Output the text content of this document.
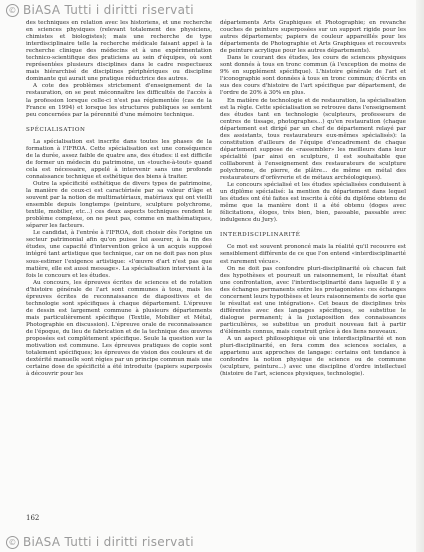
© BiASA Tutti i diritti riservati

des techniques en relation avec les historiens, et une recherche en sciences physiques (relevant totalement des physiciens, chimistes et biologistes); mais une recherche de type interdisciplinaire telle la recherche médicale faisant appel à la recherche clinique des médecins et à une expérimentation technico-scientifique des praticiens au sein d'équipes, où sont représentées plusieurs disciplines dans le cadre respectueux mais hiérarchisé de disciplines périphériques ou discipline dominante qui aurait une pratique réductrice des autres.

A cote des problèmes strictement d'enseignement de la restauration, on se peut méconnaître les difficultés de l'accès à la profession lorsque celle-ci n'est pas réglementée (cas de la France en 1994) et lorsque les structures publiques se sentent peu concernées par la pérennité d'une mémoire technique.

SPÉCIALISATION

La spécialisation est inscrite dans toutes les phases de la formation à l'IFROA. Cette spécialisation est une conséquence de la durée, assez faible de quatre ans, des études: il est difficile de former un médecin du patrimoine, un «touche-à-tout» quand cela est nécessaire, appelé à intervenir sans une profonde connaissance technique et esthétique des biens à traiter.

Outre la spécificité esthétique de divers types de patrimoine, la manière de ceux-ci est caractérisée par sa valeur d'âge et souvent par la notion de multimatériaux, matériaux qui ont vieilli ensemble depuis longtemps (peinture, sculpture polychrome, textile, mobilier, etc...) ces deux aspects techniques rendent le problème complexe, on ne peut pas, comme en mathématiques, séparer les facteurs.

Le candidat, à l'entrée à l'IFROA, doit choisir dès l'origine un secteur patrimonial afin qu'on puisse lui assurer, à la fin des études, une capacité d'intervention grâce à un acquis supposé intégré tant artistique que technique, car on ne doit pas non plus sous-estimer l'exigence artistique: «l'œuvre d'art n'est pas que matière, elle est aussi message». La spécialisation intervient à la fois le concours et les études.

Au concours, les épreuves écrites de sciences et de rotation d'histoire générale de l'art sont communes à tous, mais les épreuves écrites de reconnaissance de diapositives et de technologie sont spécifiques à chaque département. L'épreuve de dessin est largement commune à plusieurs départements mais particulièrement spécifique (Textile, Mobilier et Métal, Photographie en discussion). L'épreuve orale de reconnaissance de l'époque, du lieu de fabrication et de la technique des œuvres proposées est complètement spécifique. Seule la question sur la motivation est commune. Les épreuves pratiques de copie sont totalement spécifiques; les épreuves de vision des couleurs et de dextérité manuelle sont régies par un principe commun mais une certaine dose de spécificité a été introduite (papiers superposés à découvrir pour les

départements Arts Graphiques et Photographie; en revanche couches de peinture superposées sur un support rigide pour les autres départements; papiers de couleur appareillés pour les départements de Photographie et Arts Graphiques et recouvrets de peinture acrylique pour les autres départements).

Dans le courant des études, les cours de sciences physiques sont donnés à tous en tronc commun (à l'exception de moins de 9% en supplément spécifique). L'histoire générale de l'art et l'iconographie sont données à tous en tronc commun; d'écrits en sus des cours d'histoire de l'art spécifique par département, de l'ordre de 20% à 30% en plus.

En matière de technologie et de restauration, la spécialisation est la règle. Cette spécialisation se retrouve dans l'enseignement des études tant en technologie (sculpteurs, professeurs de centres de tissage, photographes...) qu'en restauration (chaque département est dirigé par un chef de département relayé par des assistants, tous restaurateurs eux-mêmes spécialisés): la constitution d'ailleurs de l'équipe d'encadrement de chaque département suppose de «rassembler» les meilleurs dans leur spécialité (par ainsi en sculpture, il est souhaitable que colllaborent à l'enseignement des restaurateurs de sculpture polychrome, de pierre, de plâtre... de même en métal des restaurateurs d'orfèvrerie et de métaux archéologiques).

Le concours spécialisé et les études spécialisées conduisent à un diplôme spécialisé: la mention du département dans lequel les études ont été faites est inscrite à côté du diplôme obtenu de même que la manière dont il a été obtenu (doges avec félicitations, éloges, très bien, bien, passable, passable avec indulgence du Jury).

INTERDISCIPLINARITÉ

Ce mot est souvent prononcé mais la réalité qu'il recouvre est sensiblement différente de ce que l'on entend «interdisciplinarité est rarement vécue».

On ne doit pas confondre pluri-disciplinarité où chacun fait des hypothèses et poursuit un raisonnement, le résultat étant une confrontation, avec l'interdisciplinarité dans laquelle il y a des échanges permanents entre les protagonistes: ces échanges concernent leurs hypothèses et leurs raisonnements de sorte que le résultat est une intégration». Cet beaux de disciplines très différentes avec des langages spécifiques, se substitue le dialogue permanent; à la juxtaposition des connaissances particulières, se substitue un produit nouveau fait à partir d'éléments connus, mais construit grâce à des liens nouveaux.

A un aspect philosophique où une interdisciplinarité et non pluri-disciplinarité, en fera comm des sciences sociales, a appartenu aux approches de langage: certains ont tendance à confondre la notion physique de science ou de commune (sculpture, peinture...) avec une discipline d'ordre intellectuel (histoire de l'art, sciences physiques, technologie).

162
© BiASA Tutti i diritti riservati
